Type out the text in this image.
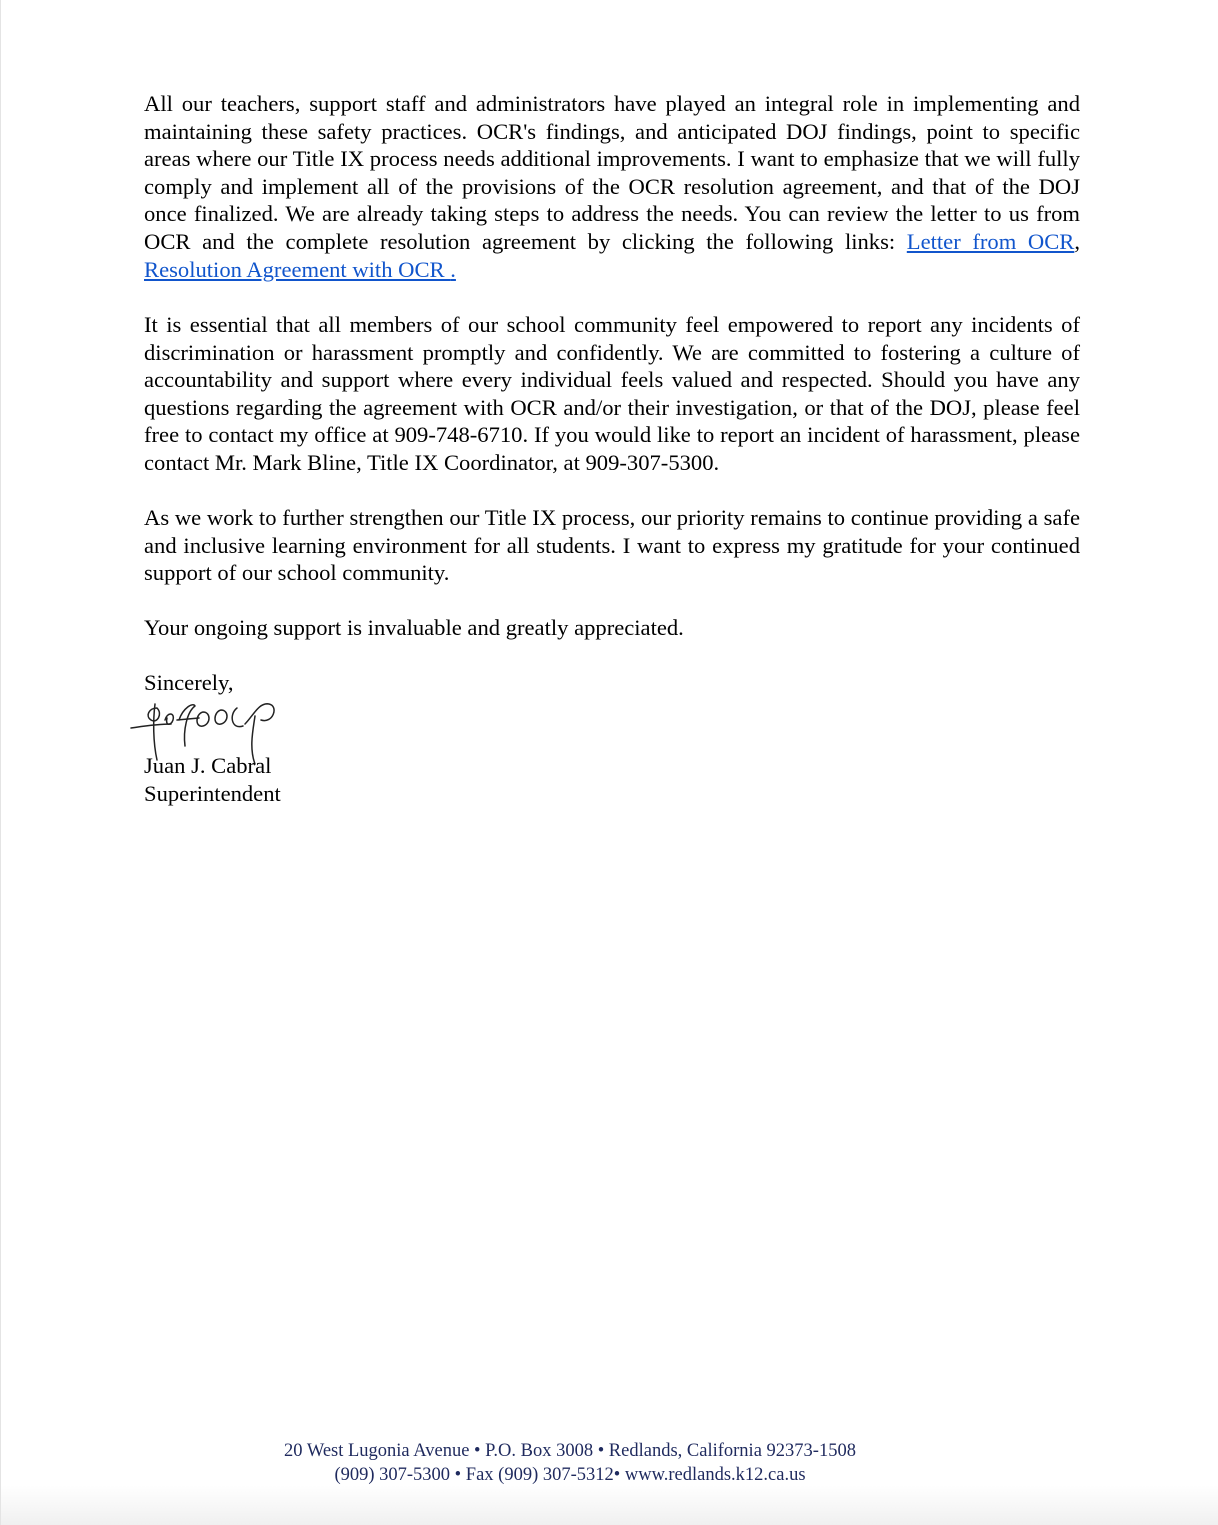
All our teachers, support staff and administrators have played an integral role in implementing and maintaining these safety practices. OCR's findings, and anticipated DOJ findings, point to specific areas where our Title IX process needs additional improvements. I want to emphasize that we will fully comply and implement all of the provisions of the OCR resolution agreement, and that of the DOJ once finalized. We are already taking steps to address the needs. You can review the letter to us from OCR and the complete resolution agreement by clicking the following links: Letter from OCR, Resolution Agreement with OCR .

It is essential that all members of our school community feel empowered to report any incidents of discrimination or harassment promptly and confidently. We are committed to fostering a culture of accountability and support where every individual feels valued and respected. Should you have any questions regarding the agreement with OCR and/or their investigation, or that of the DOJ, please feel free to contact my office at 909-748-6710. If you would like to report an incident of harassment, please contact Mr. Mark Bline, Title IX Coordinator, at 909-307-5300.

As we work to further strengthen our Title IX process, our priority remains to continue providing a safe and inclusive learning environment for all students. I want to express my gratitude for your continued support of our school community.

Your ongoing support is invaluable and greatly appreciated.

Sincerely,

Juan J. Cabral

Superintendent

20 West Lugonia Avenue • P.O. Box 3008 • Redlands, California 92373-1508

(909) 307-5300 • Fax (909) 307-5312• www.redlands.k12.ca.us
